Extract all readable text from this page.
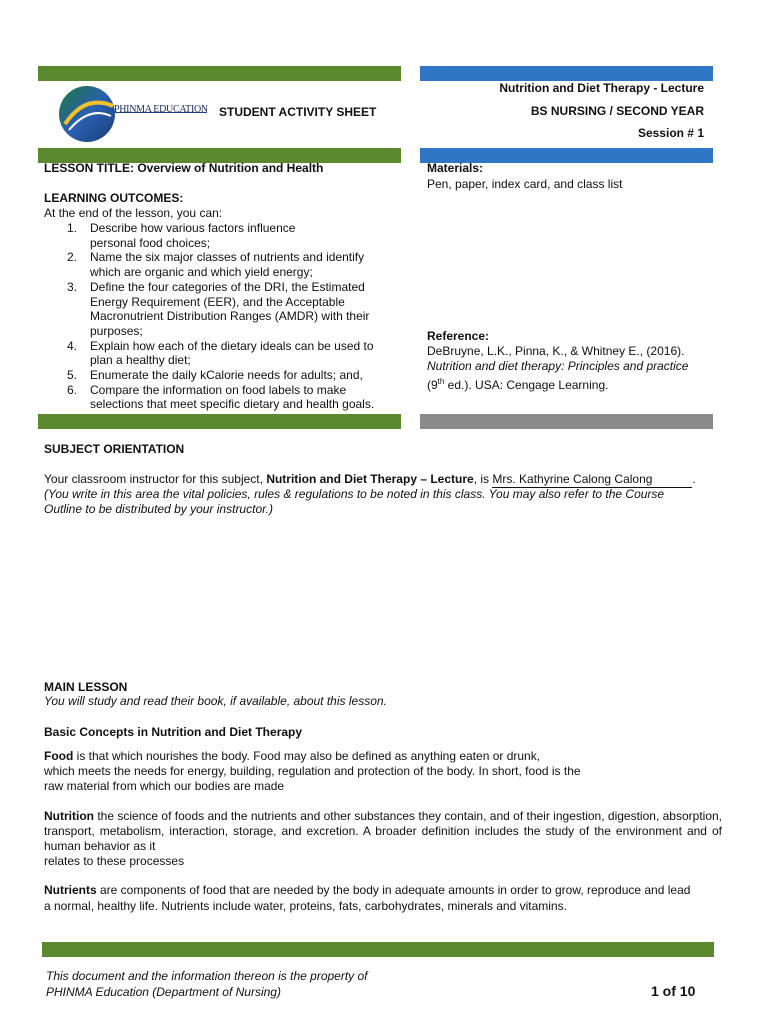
PHINMA EDUCATION STUDENT ACTIVITY SHEET
Nutrition and Diet Therapy - Lecture
BS NURSING / SECOND YEAR
Session # 1
LESSON TITLE: Overview of Nutrition and Health
LEARNING OUTCOMES:
At the end of the lesson, you can:
1. Describe how various factors influence
personal food choices;
2. Name the six major classes of nutrients and identify
which are organic and which yield energy;
3. Define the four categories of the DRI, the Estimated
Energy Requirement (EER), and the Acceptable
Macronutrient Distribution Ranges (AMDR) with their
purposes;
4. Explain how each of the dietary ideals can be used to
plan a healthy diet;
5. Enumerate the daily kCalorie needs for adults; and,
6. Compare the information on food labels to make
selections that meet specific dietary and health goals.
Materials:
Pen, paper, index card, and class list
Reference:
DeBruyne, L.K., Pinna, K., & Whitney E., (2016).
Nutrition and diet therapy: Principles and practice
(9th ed.). USA: Cengage Learning.
SUBJECT ORIENTATION
Your classroom instructor for this subject, Nutrition and Diet Therapy – Lecture, is Mrs. Kathyrine Calong Calong	.
(You write in this area the vital policies, rules & regulations to be noted in this class. You may also refer to the Course
Outline to be distributed by your instructor.)
MAIN LESSON
You will study and read their book, if available, about this lesson.
Basic Concepts in Nutrition and Diet Therapy
Food is that which nourishes the body. Food may also be defined as anything eaten or drunk,
which meets the needs for energy, building, regulation and protection of the body. In short, food is the
raw material from which our bodies are made
Nutrition the science of foods and the nutrients and other substances they contain, and of their ingestion, digestion, absorption, transport, metabolism, interaction, storage, and excretion. A broader definition includes the study of the environment and of human behavior as it
relates to these processes
Nutrients are components of food that are needed by the body in adequate amounts in order to grow, reproduce and lead
a normal, healthy life. Nutrients include water, proteins, fats, carbohydrates, minerals and vitamins.
This document and the information thereon is the property of
PHINMA Education (Department of Nursing)	1 of 10
